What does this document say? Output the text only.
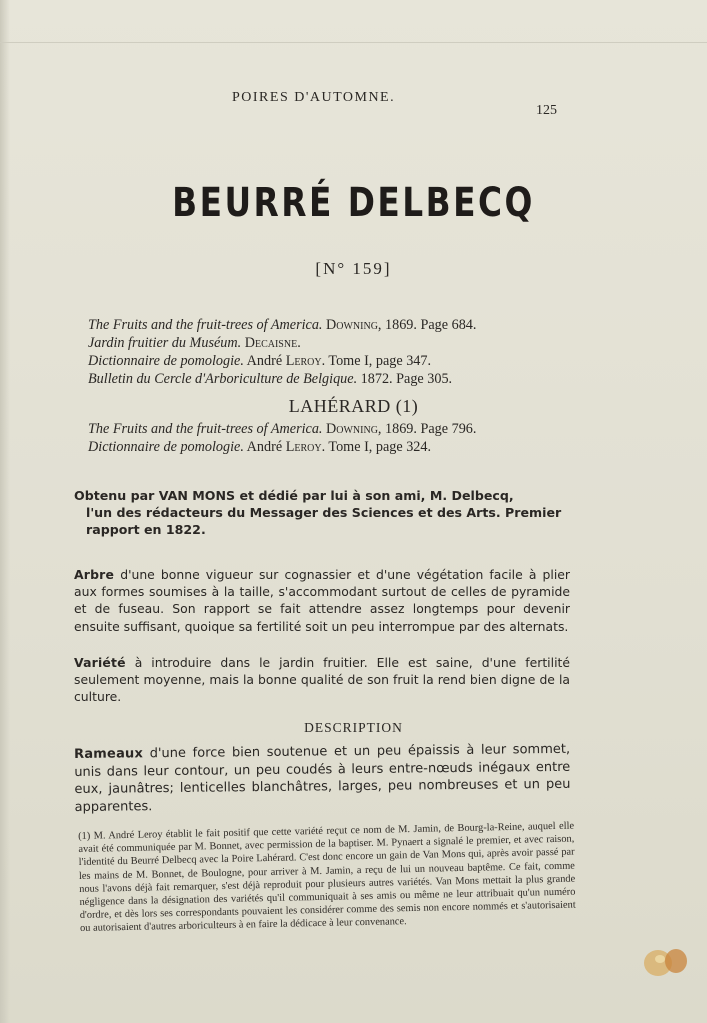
POIRES D'AUTOMNE.
125
BEURRÉ DELBECQ
[N° 159]
The Fruits and the fruit-trees of America. Downing, 1869. Page 684.
Jardin fruitier du Muséum. Decaisne.
Dictionnaire de pomologie. André Leroy. Tome I, page 347.
Bulletin du Cercle d'Arboriculture de Belgique. 1872. Page 305.
LAHÉRARD (1)
The Fruits and the fruit-trees of America. Downing, 1869. Page 796.
Dictionnaire de pomologie. André Leroy. Tome I, page 324.
Obtenu par VAN MONS et dédié par lui à son ami, M. Delbecq,
l'un des rédacteurs du Messager des Sciences et des Arts. Premier
rapport en 1822.
Arbre d'une bonne vigueur sur cognassier et d'une végétation facile à plier aux formes soumises à la taille, s'accommodant surtout de celles de pyramide et de fuseau. Son rapport se fait attendre assez longtemps pour devenir ensuite suffisant, quoique sa fertilité soit un peu interrompue par des alternats.
Variété à introduire dans le jardin fruitier. Elle est saine, d'une fertilité seulement moyenne, mais la bonne qualité de son fruit la rend bien digne de la culture.
DESCRIPTION
Rameaux d'une force bien soutenue et un peu épaissis à leur sommet, unis dans leur contour, un peu coudés à leurs entre-nœuds inégaux entre eux, jaunâtres; lenticelles blanchâtres, larges, peu nombreuses et un peu apparentes.
(1) M. André Leroy établit le fait positif que cette variété reçut ce nom de M. Jamin, de Bourg-la-Reine, auquel elle avait été communiquée par M. Bonnet, avec permission de la baptiser. M. Pynaert a signalé le premier, et avec raison, l'identité du Beurré Delbecq avec la Poire Lahérard. C'est donc encore un gain de Van Mons qui, après avoir passé par les mains de M. Bonnet, de Boulogne, pour arriver à M. Jamin, a reçu de lui un nouveau baptême. Ce fait, comme nous l'avons déjà fait remarquer, s'est déjà reproduit pour plusieurs autres variétés. Van Mons mettait la plus grande négligence dans la désignation des variétés qu'il communiquait à ses amis ou même ne leur attribuait qu'un numéro d'ordre, et dès lors ses correspondants pouvaient les considérer comme des semis non encore nommés et s'autorisaient ou autorisaient d'autres arboriculteurs à en faire la dédicace à leur convenance.
